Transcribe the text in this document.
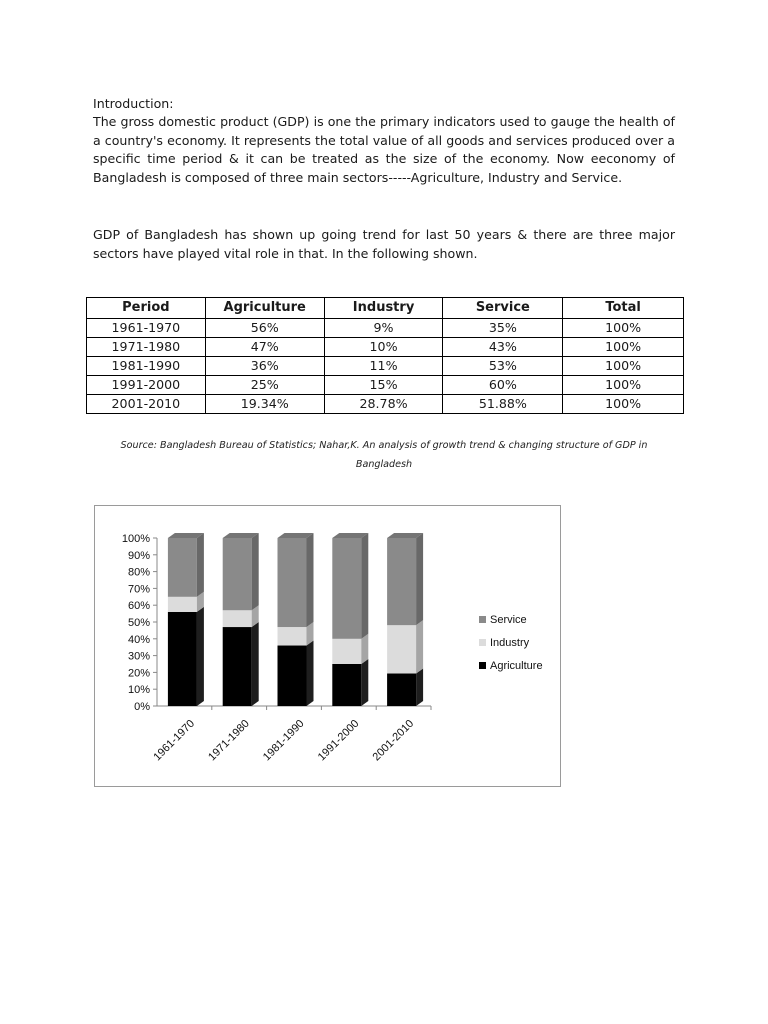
Introduction:

The gross domestic product (GDP) is one the primary indicators used to gauge the health of a country's economy. It represents the total value of all goods and services produced over a specific time period & it can be treated as the size of the economy. Now eeconomy of Bangladesh is composed of three main sectors-----Agriculture, Industry and Service.

GDP of Bangladesh has shown up going trend for last 50 years & there are three major sectors have played vital role in that. In the following shown.

Period	Agriculture	Industry	Service	Total
1961-1970	56%	9%	35%	100%
1971-1980	47%	10%	43%	100%
1981-1990	36%	11%	53%	100%
1991-2000	25%	15%	60%	100%
2001-2010	19.34%	28.78%	51.88%	100%
Source: Bangladesh Bureau of Statistics; Nahar,K. An analysis of growth trend & changing structure of GDP in
Bangladesh
0%
10%
20%
30%
40%
50%
60%
70%
80%
90%
100%
1961-1970 1971-1980 1981-1990 1991-2000 2001-2010
Service
Industry
Agriculture
